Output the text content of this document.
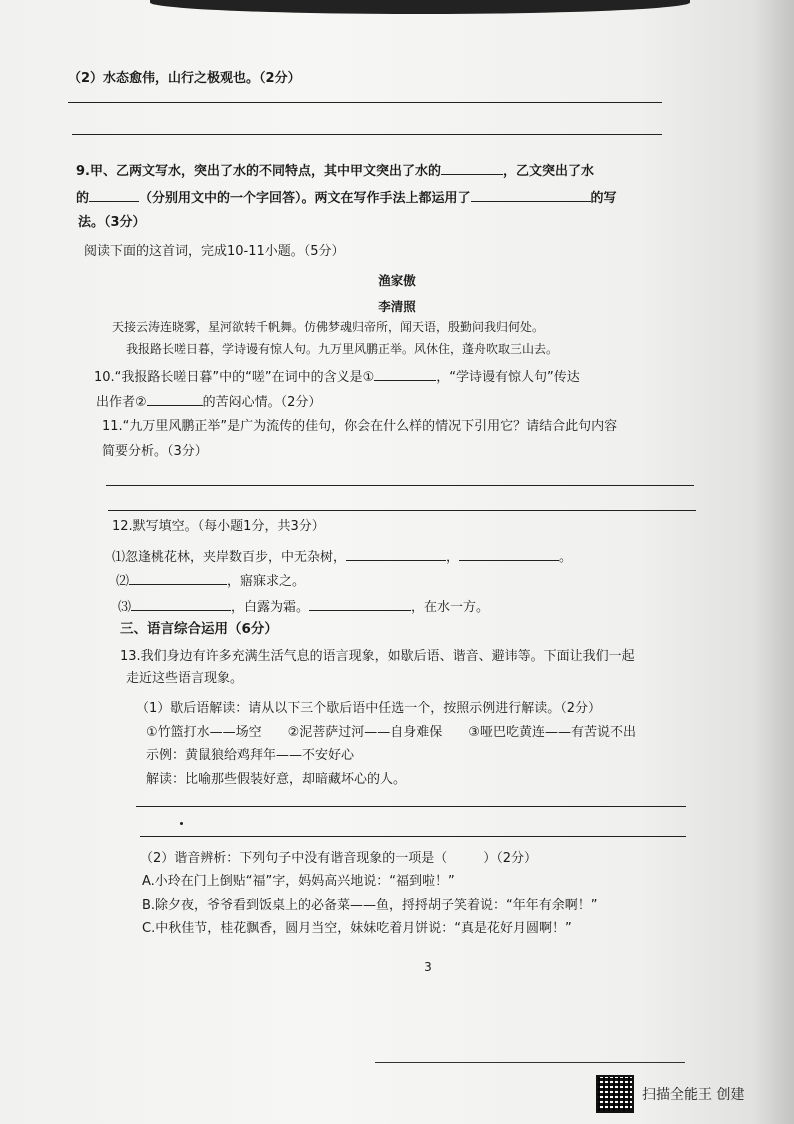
（2）水态愈伟，山行之极观也。（2分）
9.甲、乙两文写水，突出了水的不同特点，其中甲文突出了水的	，乙文突出了水
的	（分别用文中的一个字回答）。两文在写作手法上都运用了	的写
法。（3分）
阅读下面的这首词，完成10-11小题。（5分）
渔家傲
李清照
天接云涛连晓雾，星河欲转千帆舞。仿佛梦魂归帝所，闻天语，殷勤问我归何处。
我报路长嗟日暮，学诗谩有惊人句。九万里风鹏正举。风休住，蓬舟吹取三山去。
10.“我报路长嗟日暮”中的“嗟”在词中的含义是①	，“学诗谩有惊人句”传达
出作者②	的苦闷心情。（2分）
11.“九万里风鹏正举”是广为流传的佳句，你会在什么样的情况下引用它？请结合此句内容
简要分析。（3分）
12.默写填空。（每小题1分，共3分）
⑴忽逢桃花林，夹岸数百步，中无杂树，	，	。
⑵	，寤寐求之。
⑶	，白露为霜。	，在水一方。
三、语言综合运用（6分）
13.我们身边有许多充满生活气息的语言现象，如歇后语、谐音、避讳等。下面让我们一起
走近这些语言现象。
（1）歇后语解读：请从以下三个歇后语中任选一个，按照示例进行解读。（2分）
①竹篮打水——场空　　②泥菩萨过河——自身难保　　③哑巴吃黄连——有苦说不出
示例：黄鼠狼给鸡拜年——不安好心
解读：比喻那些假装好意，却暗藏坏心的人。
（2）谐音辨析：下列句子中没有谐音现象的一项是（	）（2分）
A.小玲在门上倒贴“福”字，妈妈高兴地说：“福到啦！”
B.除夕夜，爷爷看到饭桌上的必备菜——鱼，捋捋胡子笑着说：“年年有余啊！”
C.中秋佳节，桂花飘香，圆月当空，妹妹吃着月饼说：“真是花好月圆啊！”
3
扫描全能王 创建
